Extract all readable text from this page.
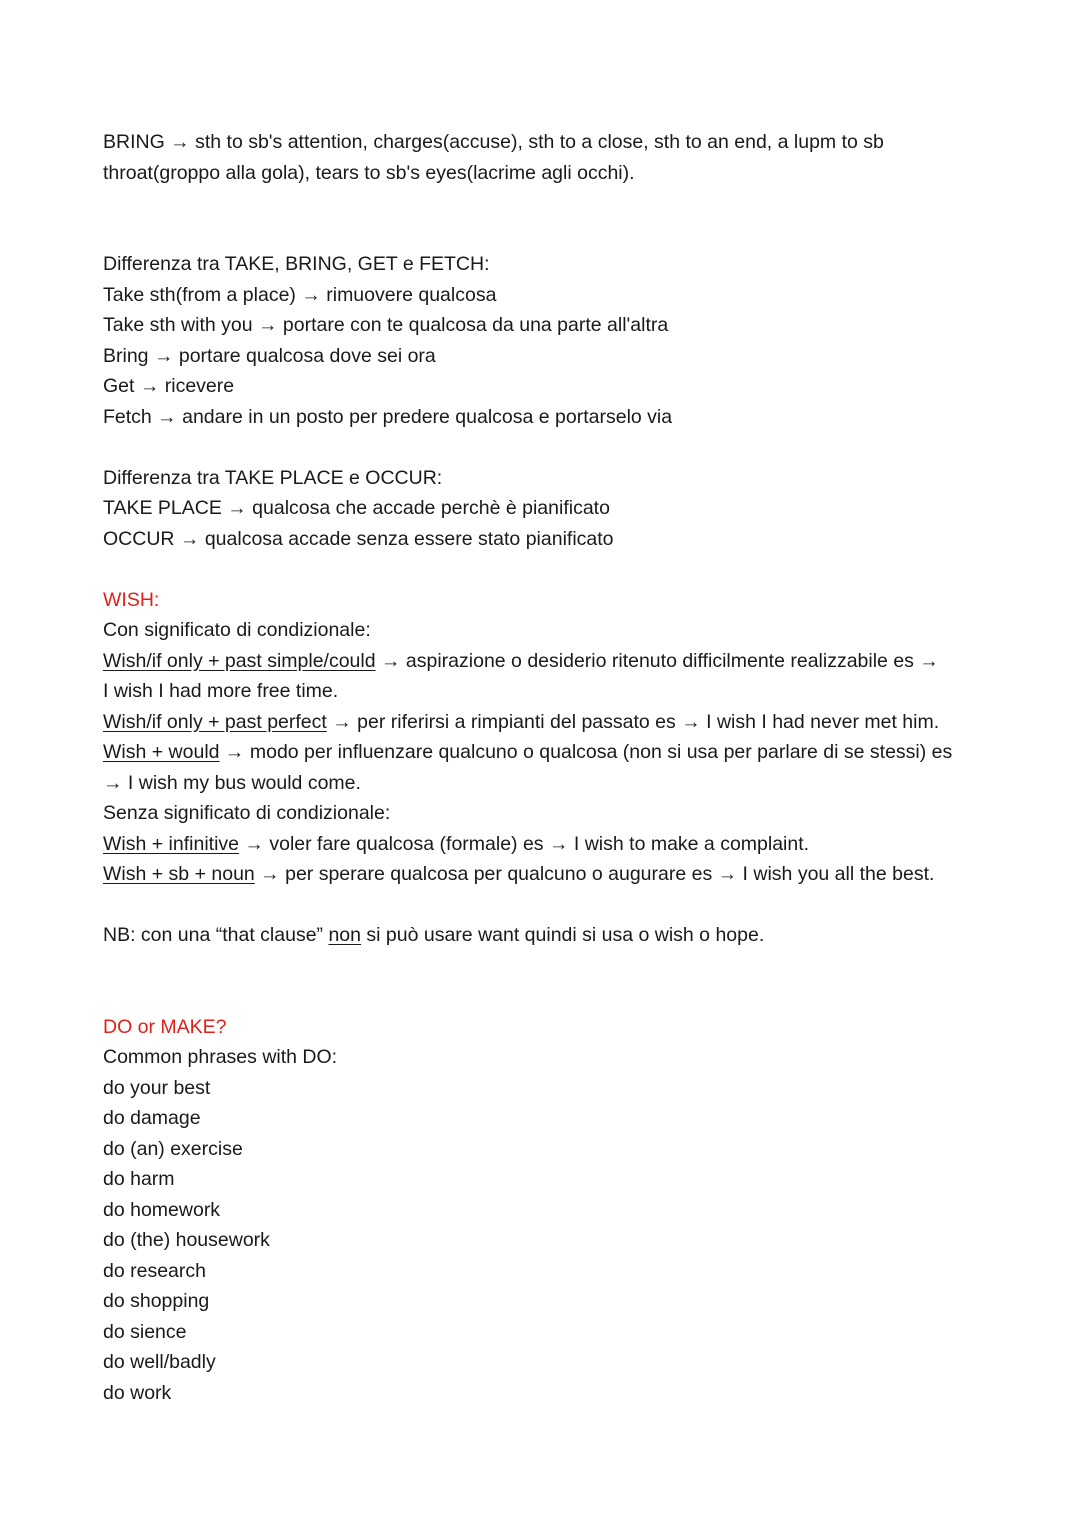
BRING → sth to sb's attention, charges(accuse), sth to a close, sth to an end, a lupm to sb
throat(groppo alla gola), tears to sb's eyes(lacrime agli occhi).
Differenza tra TAKE, BRING, GET e FETCH:
Take sth(from a place) → rimuovere qualcosa
Take sth with you → portare con te qualcosa da una parte all'altra
Bring → portare qualcosa dove sei ora
Get → ricevere
Fetch → andare in un posto per predere qualcosa e portarselo via
Differenza tra TAKE PLACE e OCCUR:
TAKE PLACE → qualcosa che accade perchè è pianificato
OCCUR → qualcosa accade senza essere stato pianificato
WISH:
Con significato di condizionale:
Wish/if only + past simple/could → aspirazione o desiderio ritenuto difficilmente realizzabile es →
I wish I had more free time.
Wish/if only + past perfect → per riferirsi a rimpianti del passato es → I wish I had never met him.
Wish + would → modo per influenzare qualcuno o qualcosa (non si usa per parlare di se stessi) es
→ I wish my bus would come.
Senza significato di condizionale:
Wish + infinitive → voler fare qualcosa (formale) es → I wish to make a complaint.
Wish + sb + noun → per sperare qualcosa per qualcuno o augurare es → I wish you all the best.
NB: con una “that clause” non si può usare want quindi si usa o wish o hope.
DO or MAKE?
Common phrases with DO:
do your best
do damage
do (an) exercise
do harm
do homework
do (the) housework
do research
do shopping
do sience
do well/badly
do work
